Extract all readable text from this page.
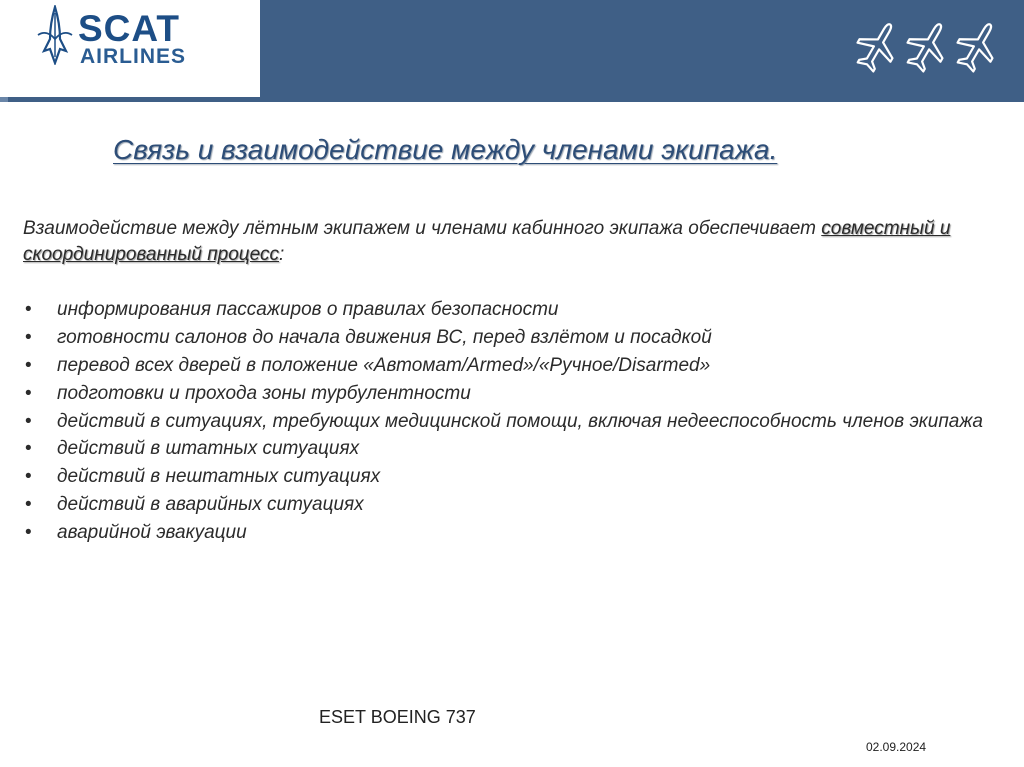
SCAT
AIRLINES
Связь и взаимодействие между членами экипажа.
Взаимодействие между лётным экипажем и членами кабинного экипажа обеспечивает совместный и скоординированный процесс:
• информирования пассажиров о правилах безопасности
• готовности салонов до начала движения ВС, перед взлётом и посадкой
• перевод всех дверей в положение «Автомат/Armed»/«Ручное/Disarmed»
• подготовки и прохода зоны турбулентности
• действий в ситуациях, требующих медицинской помощи, включая недееспособность членов экипажа
• действий в штатных ситуациях
• действий в нештатных ситуациях
• действий в аварийных ситуациях
• аварийной эвакуации
ESET BOEING 737
02.09.2024
